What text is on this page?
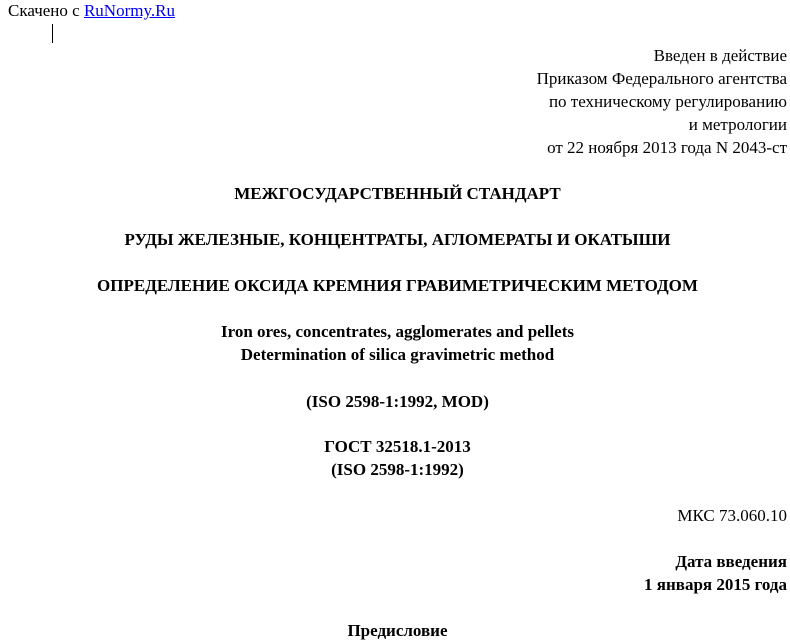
Скачено с RuNormy.Ru
Введен в действие
Приказом Федерального агентства
по техническому регулированию
и метрологии
от 22 ноября 2013 года N 2043-ст
МЕЖГОСУДАРСТВЕННЫЙ СТАНДАРТ
РУДЫ ЖЕЛЕЗНЫЕ, КОНЦЕНТРАТЫ, АГЛОМЕРАТЫ И ОКАТЫШИ
ОПРЕДЕЛЕНИЕ ОКСИДА КРЕМНИЯ ГРАВИМЕТРИЧЕСКИМ МЕТОДОМ
Iron ores, concentrates, agglomerates and pellets
Determination of silica gravimetric method
(ISO 2598-1:1992, MOD)
ГОСТ 32518.1-2013
(ISO 2598-1:1992)
МКС 73.060.10
Дата введения
1 января 2015 года
Предисловие
